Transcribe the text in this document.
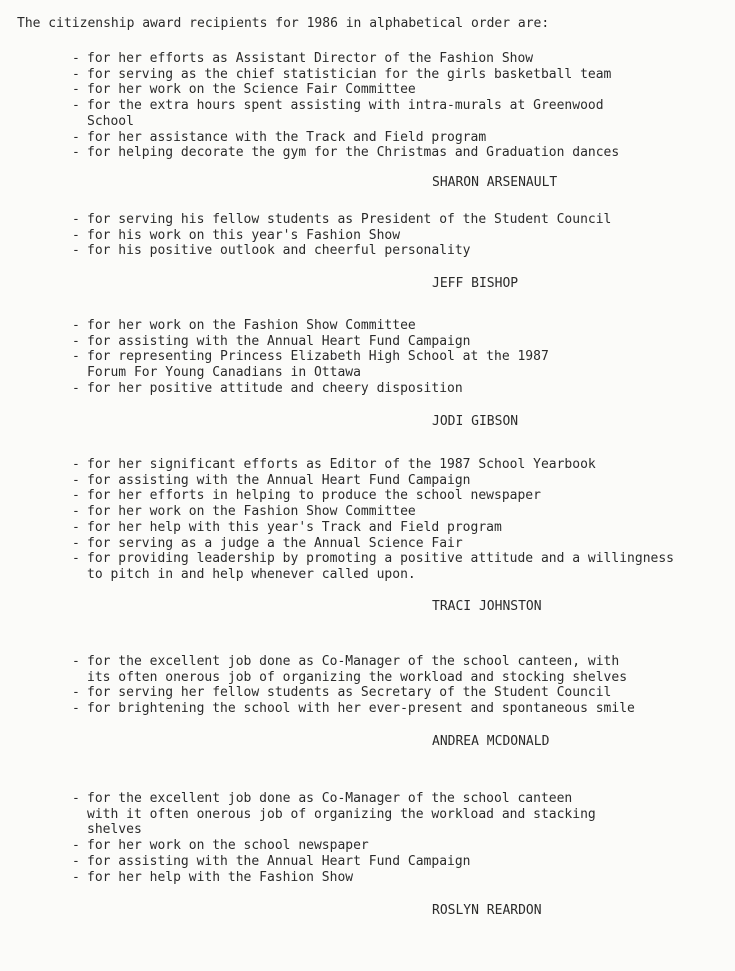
The citizenship award recipients for 1986 in alphabetical order are:
- for her efforts as Assistant Director of the Fashion Show
- for serving as the chief statistician for the girls basketball team
- for her work on the Science Fair Committee
- for the extra hours spent assisting with intra-murals at Greenwood
School
- for her assistance with the Track and Field program
- for helping decorate the gym for the Christmas and Graduation dances
SHARON ARSENAULT
- for serving his fellow students as President of the Student Council
- for his work on this year's Fashion Show
- for his positive outlook and cheerful personality
JEFF BISHOP
- for her work on the Fashion Show Committee
- for assisting with the Annual Heart Fund Campaign
- for representing Princess Elizabeth High School at the 1987
Forum For Young Canadians in Ottawa
- for her positive attitude and cheery disposition
JODI GIBSON
- for her significant efforts as Editor of the 1987 School Yearbook
- for assisting with the Annual Heart Fund Campaign
- for her efforts in helping to produce the school newspaper
- for her work on the Fashion Show Committee
- for her help with this year's Track and Field program
- for serving as a judge a the Annual Science Fair
- for providing leadership by promoting a positive attitude and a willingness
to pitch in and help whenever called upon.
TRACI JOHNSTON
- for the excellent job done as Co-Manager of the school canteen, with
its often onerous job of organizing the workload and stocking shelves
- for serving her fellow students as Secretary of the Student Council
- for brightening the school with her ever-present and spontaneous smile
ANDREA MCDONALD
- for the excellent job done as Co-Manager of the school canteen
with it often onerous job of organizing the workload and stacking
shelves
- for her work on the school newspaper
- for assisting with the Annual Heart Fund Campaign
- for her help with the Fashion Show
ROSLYN REARDON
